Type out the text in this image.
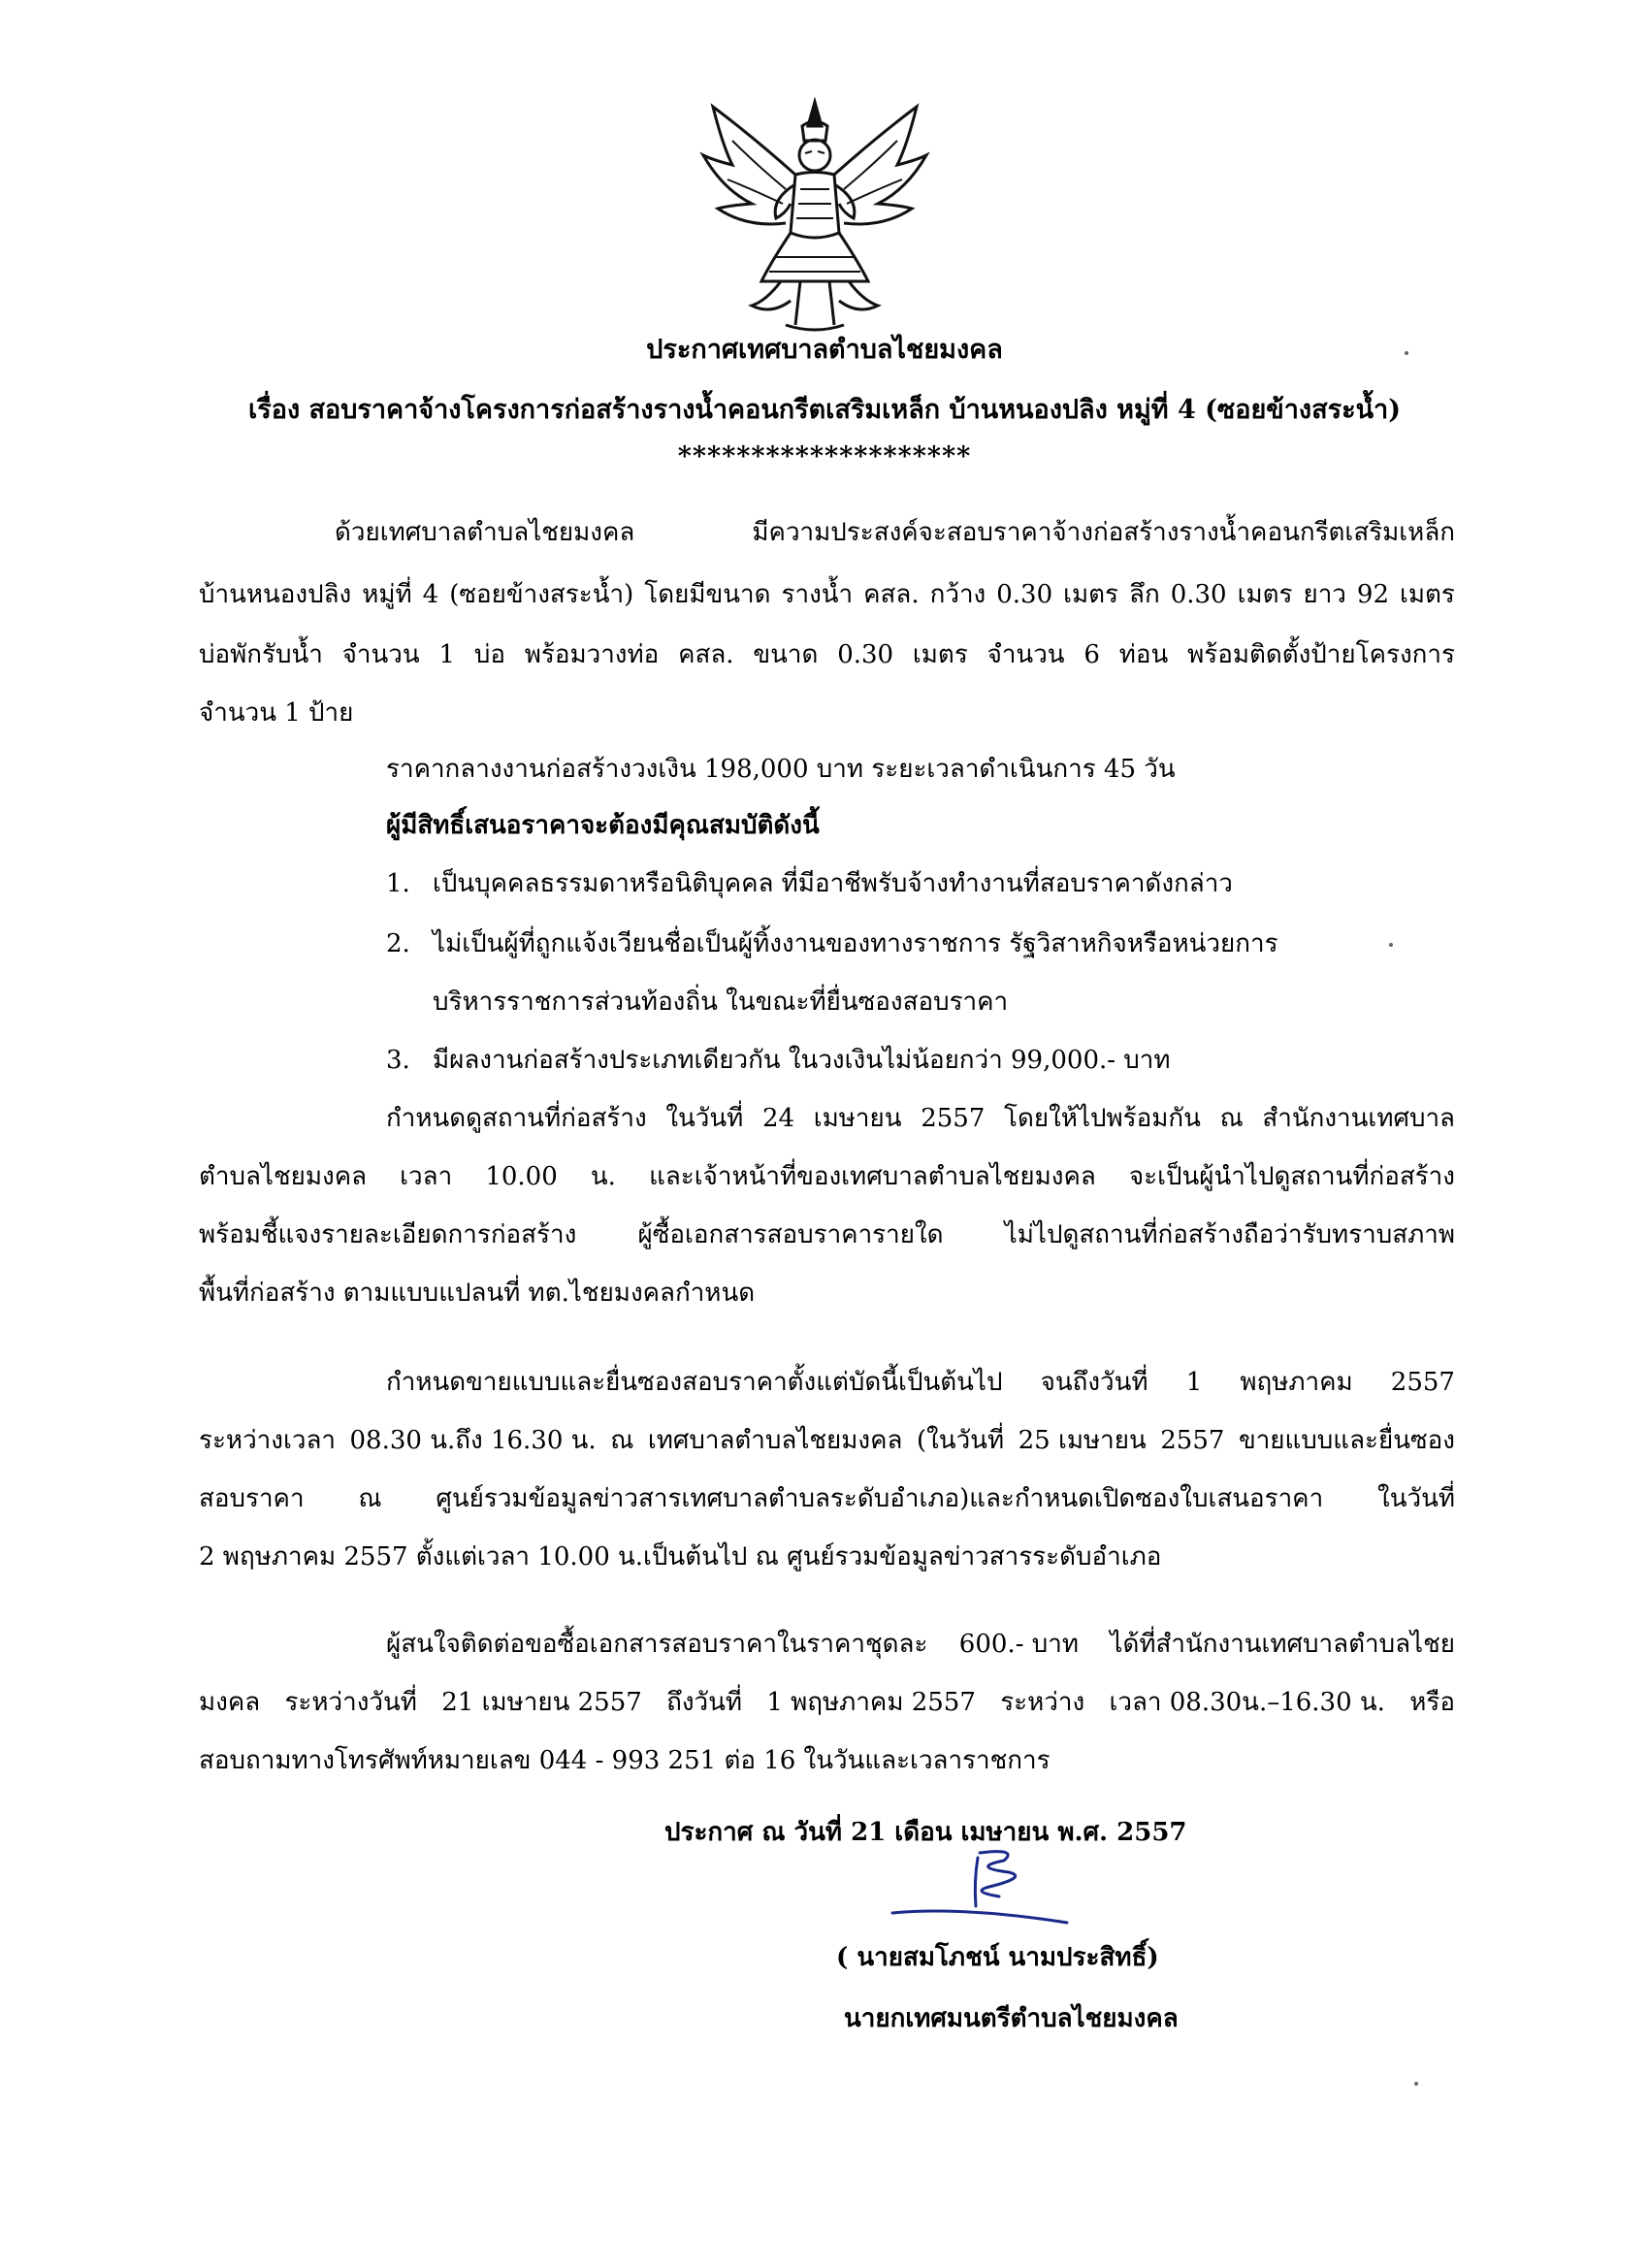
ประกาศเทศบาลตำบลไชยมงคล
เรื่อง สอบราคาจ้างโครงการก่อสร้างรางน้ำคอนกรีตเสริมเหล็ก บ้านหนองปลิง หมู่ที่ 4 (ซอยข้างสระน้ำ)
********************
ด้วยเทศบาลตำบลไชยมงคล	มีความประสงค์จะสอบราคาจ้างก่อสร้างรางน้ำคอนกรีตเสริมเหล็ก
บ้านหนองปลิง หมู่ที่ 4 (ซอยข้างสระน้ำ) โดยมีขนาด รางน้ำ คสล. กว้าง 0.30 เมตร ลึก 0.30 เมตร ยาว 92 เมตร
บ่อพักรับน้ำ จำนวน 1 บ่อ พร้อมวางท่อ คสล. ขนาด 0.30 เมตร จำนวน 6 ท่อน พร้อมติดตั้งป้ายโครงการ
จำนวน 1 ป้าย
ราคากลางงานก่อสร้างวงเงิน 198,000 บาท ระยะเวลาดำเนินการ 45 วัน
ผู้มีสิทธิ์เสนอราคาจะต้องมีคุณสมบัติดังนี้
1. เป็นบุคคลธรรมดาหรือนิติบุคคล ที่มีอาชีพรับจ้างทำงานที่สอบราคาดังกล่าว
2. ไม่เป็นผู้ที่ถูกแจ้งเวียนชื่อเป็นผู้ทิ้งงานของทางราชการ รัฐวิสาหกิจหรือหน่วยการ
บริหารราชการส่วนท้องถิ่น ในขณะที่ยื่นซองสอบราคา
3. มีผลงานก่อสร้างประเภทเดียวกัน ในวงเงินไม่น้อยกว่า 99,000.- บาท
กำหนดดูสถานที่ก่อสร้าง ในวันที่ 24 เมษายน 2557 โดยให้ไปพร้อมกัน ณ สำนักงานเทศบาล
ตำบลไชยมงคล เวลา 10.00 น. และเจ้าหน้าที่ของเทศบาลตำบลไชยมงคล จะเป็นผู้นำไปดูสถานที่ก่อสร้าง
พร้อมชี้แจงรายละเอียดการก่อสร้าง ผู้ซื้อเอกสารสอบราคารายใด ไม่ไปดูสถานที่ก่อสร้างถือว่ารับทราบสภาพ
พื้นที่ก่อสร้าง ตามแบบแปลนที่ ทต.ไชยมงคลกำหนด
กำหนดขายแบบและยื่นซองสอบราคาตั้งแต่บัดนี้เป็นต้นไป จนถึงวันที่ 1 พฤษภาคม 2557
ระหว่างเวลา 08.30 น.ถึง 16.30 น. ณ เทศบาลตำบลไชยมงคล (ในวันที่ 25 เมษายน 2557 ขายแบบและยื่นซอง
สอบราคา ณ ศูนย์รวมข้อมูลข่าวสารเทศบาลตำบลระดับอำเภอ)และกำหนดเปิดซองใบเสนอราคา ในวันที่
2 พฤษภาคม 2557 ตั้งแต่เวลา 10.00 น.เป็นต้นไป ณ ศูนย์รวมข้อมูลข่าวสารระดับอำเภอ
ผู้สนใจติดต่อขอซื้อเอกสารสอบราคาในราคาชุดละ 600.- บาท ได้ที่สำนักงานเทศบาลตำบลไชย
มงคล ระหว่างวันที่ 21 เมษายน 2557 ถึงวันที่ 1 พฤษภาคม 2557 ระหว่าง เวลา 08.30น.–16.30 น. หรือ
สอบถามทางโทรศัพท์หมายเลข 044 - 993 251 ต่อ 16 ในวันและเวลาราชการ
ประกาศ ณ วันที่ 21 เดือน เมษายน พ.ศ. 2557
( นายสมโภชน์ นามประสิทธิ์)
นายกเทศมนตรีตำบลไชยมงคล
